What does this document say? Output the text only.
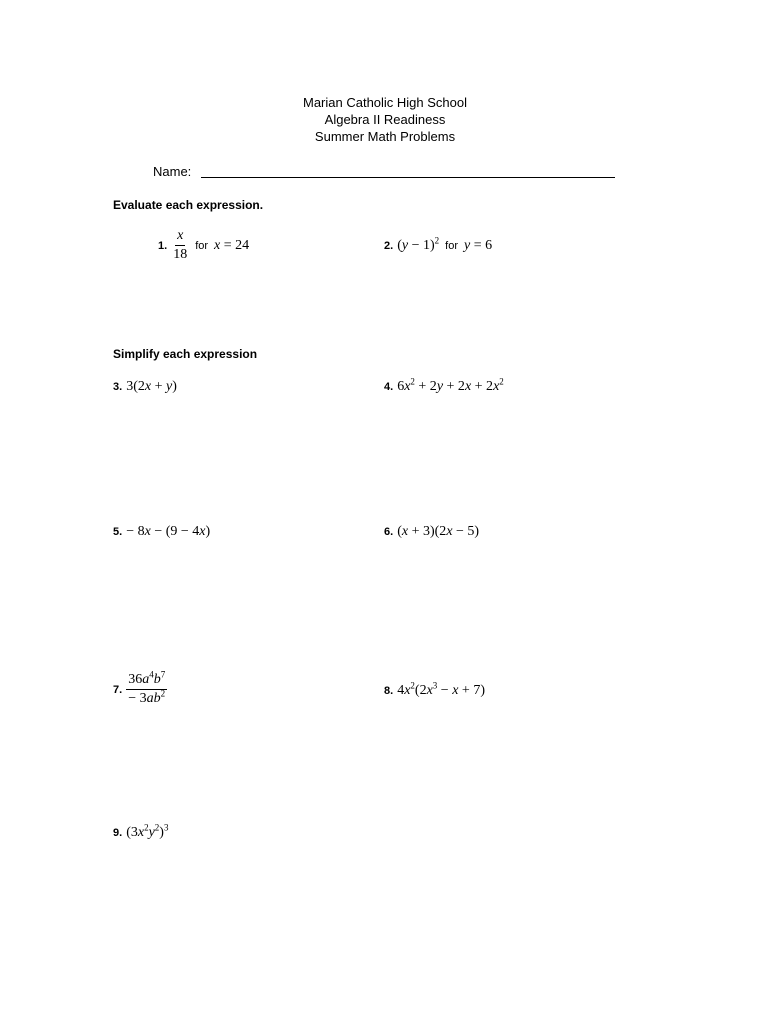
Marian Catholic High School
Algebra II Readiness
Summer Math Problems
Name:
Evaluate each expression.
1. $\frac{x}{18}$ for x = 24	2. $(y - 1)^2$ for y = 6
Simplify each expression
3. 3(2x + y)	4. $6x^2 + 2y + 2x + 2x^2$
5. − 8x − (9 − 4x)	6. (x + 3)(2x − 5)
7. $\frac{36a^4b^7}{- 3ab^2}$	8. $4x^2(2x^3 - x + 7)$
9. $(3x^2y^2)^3$
